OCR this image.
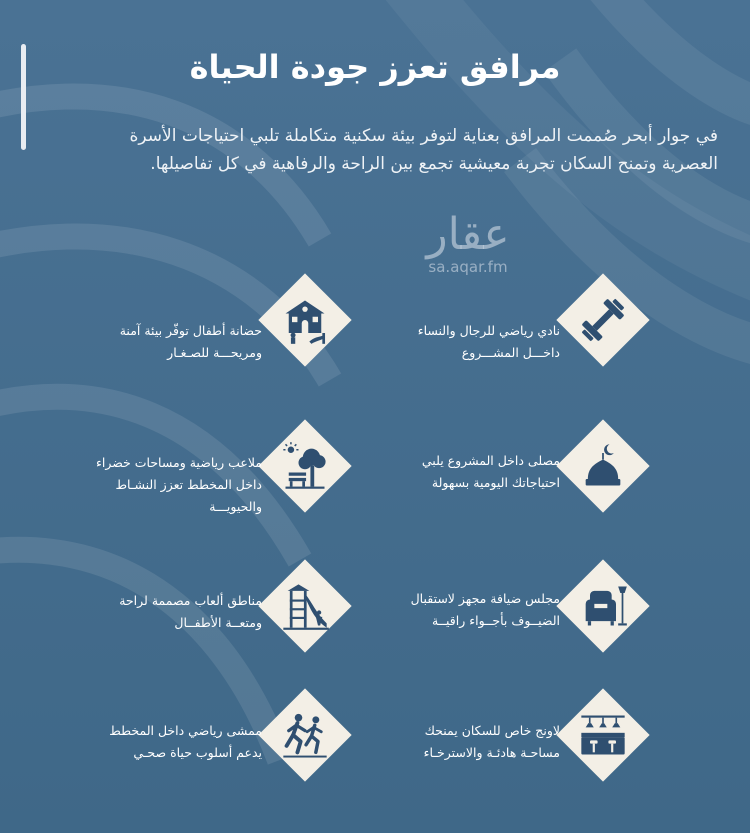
مرافق تعزز جودة الحياة

في جوار أبحر صُممت المرافق بعناية لتوفر بيئة سكنية متكاملة تلبي احتياجات الأسرة العصرية وتمنح السكان تجربة معيشية تجمع بين الراحة والرفاهية في كل تفاصيلها.

عقار
sa.aqar.fm
نادي رياضي للرجال والنساء
داخـــل المشـــروع
حضانة أطفال توفّر بيئة آمنة
ومريحـــة للصـغـار
مصلى داخل المشروع يلبي
احتياجاتك اليومية بسهولة
ملاعب رياضية ومساحات خضراء
داخل المخطط تعزز النشـاط
والحيويـــة
مجلس ضيافة مجهز لاستقبال
الضيــوف بأجــواء راقيــة
مناطق ألعاب مصممة لراحة
ومتعــة الأطفــال
لاونج خاص للسكان يمنحك
مساحـة هادئـة والاسترخـاء
ممشى رياضي داخل المخطط
يدعم أسلوب حياة صحـي
